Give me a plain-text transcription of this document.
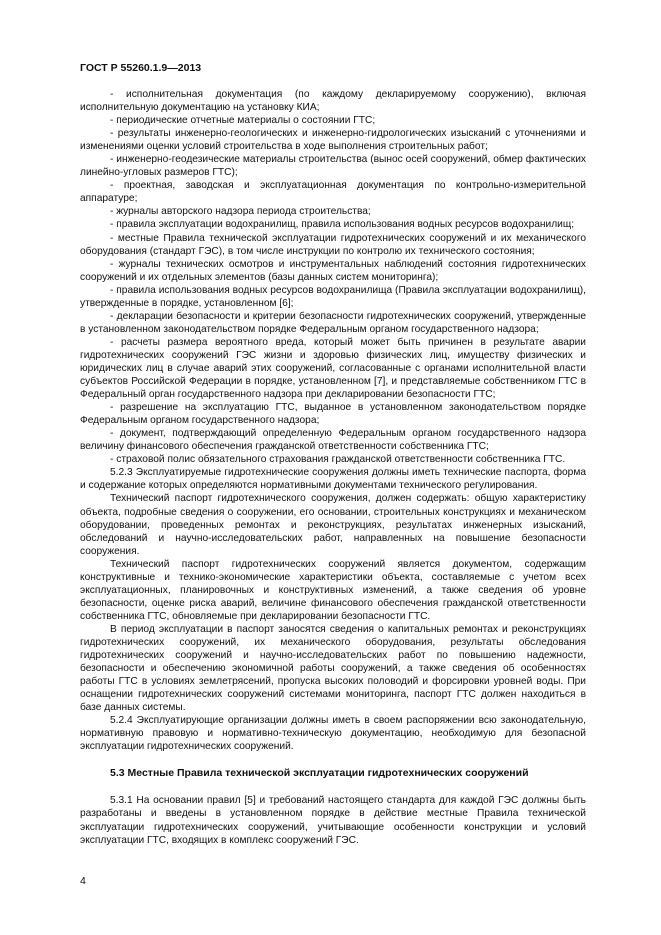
ГОСТ Р 55260.1.9—2013

- исполнительная документация (по каждому декларируемому сооружению), включая исполнительную документацию на установку КИА;

- периодические отчетные материалы о состоянии ГТС;

- результаты инженерно-геологических и инженерно-гидрологических изысканий с уточнениями и изменениями оценки условий строительства в ходе выполнения строительных работ;

- инженерно-геодезические материалы строительства (вынос осей сооружений, обмер фактических линейно-угловых размеров ГТС);

- проектная, заводская и эксплуатационная документация по контрольно-измерительной аппаратуре;

- журналы авторского надзора периода строительства;

- правила эксплуатации водохранилищ, правила использования водных ресурсов водохранилищ;

- местные Правила технической эксплуатации гидротехнических сооружений и их механического оборудования (стандарт ГЭС), в том числе инструкции по контролю их технического состояния;

- журналы технических осмотров и инструментальных наблюдений состояния гидротехнических сооружений и их отдельных элементов (базы данных систем мониторинга);

- правила использования водных ресурсов водохранилища (Правила эксплуатации водохранилищ), утвержденные в порядке, установленном [6];

- декларации безопасности и критерии безопасности гидротехнических сооружений, утвержденные в установленном законодательством порядке Федеральным органом государственного надзора;

- расчеты размера вероятного вреда, который может быть причинен в результате аварии гидротехнических сооружений ГЭС жизни и здоровью физических лиц, имуществу физических и юридических лиц в случае аварий этих сооружений, согласованные с органами исполнительной власти субъектов Российской Федерации в порядке, установленном [7], и представляемые собственником ГТС в Федеральный орган государственного надзора при декларировании безопасности ГТС;

- разрешение на эксплуатацию ГТС, выданное в установленном законодательством порядке Федеральным органом государственного надзора;

- документ, подтверждающий определенную Федеральным органом государственного надзора величину финансового обеспечения гражданской ответственности собственника ГТС;

- страховой полис обязательного страхования гражданской ответственности собственника ГТС.

5.2.3 Эксплуатируемые гидротехнические сооружения должны иметь технические паспорта, форма и содержание которых определяются нормативными документами технического регулирования.

Технический паспорт гидротехнического сооружения, должен содержать: общую характеристику объекта, подробные сведения о сооружении, его основании, строительных конструкциях и механическом оборудовании, проведенных ремонтах и реконструкциях, результатах инженерных изысканий, обследований и научно-исследовательских работ, направленных на повышение безопасности сооружения.

Технический паспорт гидротехнических сооружений является документом, содержащим конструктивные и технико-экономические характеристики объекта, составляемые с учетом всех эксплуатационных, планировочных и конструктивных изменений, а также сведения об уровне безопасности, оценке риска аварий, величине финансового обеспечения гражданской ответственности собственника ГТС, обновляемые при декларировании безопасности ГТС.

В период эксплуатации в паспорт заносятся сведения о капитальных ремонтах и реконструкциях гидротехнических сооружений, их механического оборудования, результаты обследования гидротехнических сооружений и научно-исследовательских работ по повышению надежности, безопасности и обеспечению экономичной работы сооружений, а также сведения об особенностях работы ГТС в условиях землетрясений, пропуска высоких половодий и форсировки уровней воды. При оснащении гидротехнических сооружений системами мониторинга, паспорт ГТС должен находиться в базе данных системы.

5.2.4 Эксплуатирующие организации должны иметь в своем распоряжении всю законодательную, нормативную правовую и нормативно-техническую документацию, необходимую для безопасной эксплуатации гидротехнических сооружений.

5.3 Местные Правила технической эксплуатации гидротехнических сооружений

5.3.1 На основании правил [5] и требований настоящего стандарта для каждой ГЭС должны быть разработаны и введены в установленном порядке в действие местные Правила технической эксплуатации гидротехнических сооружений, учитывающие особенности конструкции и условий эксплуатации ГТС, входящих в комплекс сооружений ГЭС.

4
